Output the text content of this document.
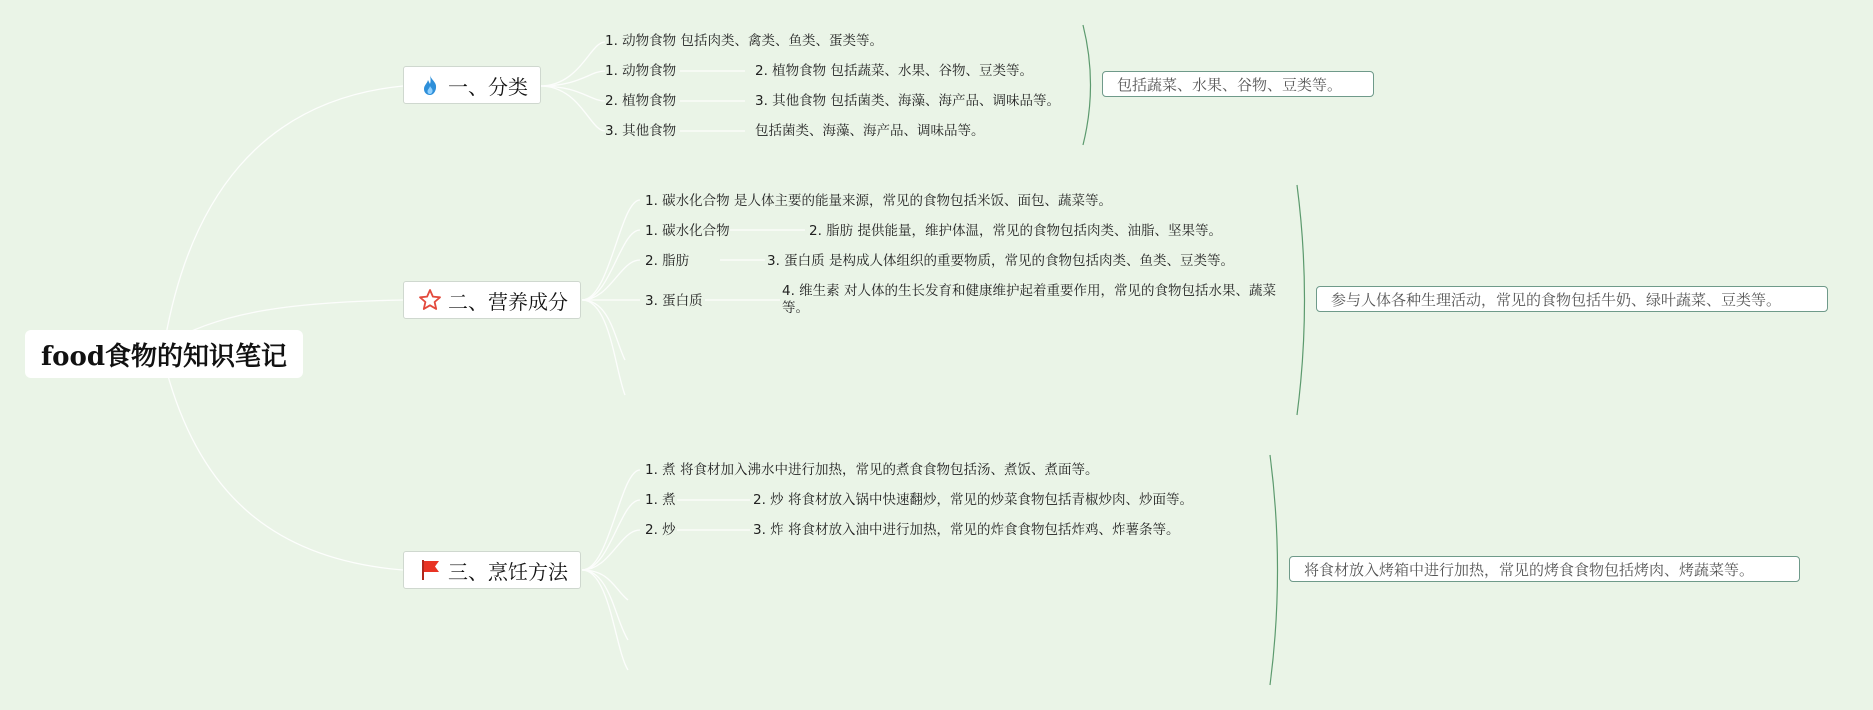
food食物的知识笔记
一、分类
1. 动物食物 包括肉类、禽类、鱼类、蛋类等。
1. 动物食物
2. 植物食物
3. 其他食物
2. 植物食物 包括蔬菜、水果、谷物、豆类等。
3. 其他食物 包括菌类、海藻、海产品、调味品等。
包括菌类、海藻、海产品、调味品等。
包括蔬菜、水果、谷物、豆类等。
二、营养成分
1. 碳水化合物 是人体主要的能量来源，常见的食物包括米饭、面包、蔬菜等。
1. 碳水化合物
2. 脂肪
3. 蛋白质
2. 脂肪 提供能量，维护体温，常见的食物包括肉类、油脂、坚果等。
3. 蛋白质 是构成人体组织的重要物质，常见的食物包括肉类、鱼类、豆类等。
4. 维生素 对人体的生长发育和健康维护起着重要作用，常见的食物包括水果、蔬菜等。	参与人体各种生理活动，常见的食物包括牛奶、绿叶蔬菜、豆类等。
三、烹饪方法
1. 煮 将食材加入沸水中进行加热，常见的煮食食物包括汤、煮饭、煮面等。
1. 煮
2. 炒
2. 炒 将食材放入锅中快速翻炒，常见的炒菜食物包括青椒炒肉、炒面等。
3. 炸 将食材放入油中进行加热，常见的炸食食物包括炸鸡、炸薯条等。
将食材放入烤箱中进行加热，常见的烤食食物包括烤肉、烤蔬菜等。
